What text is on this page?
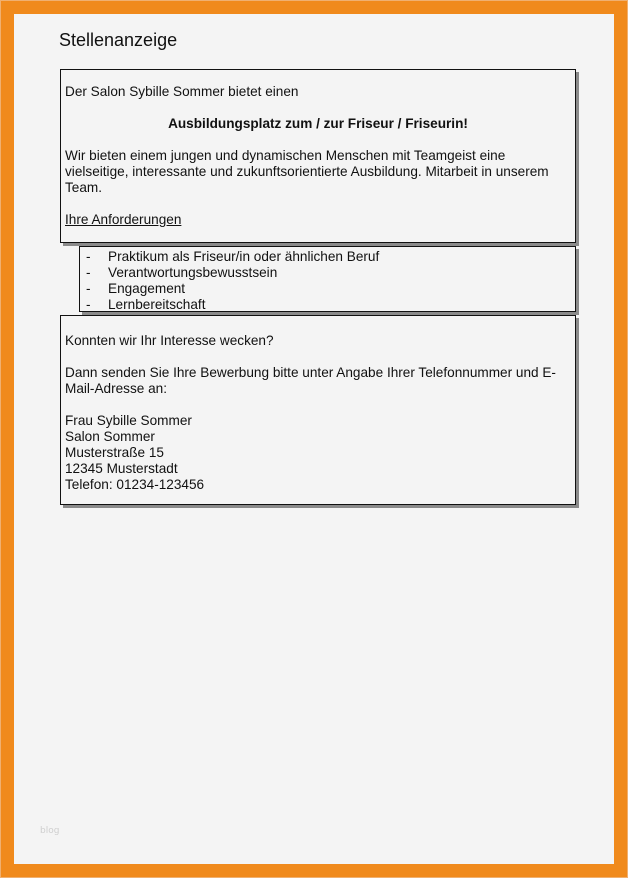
Stellenanzeige

Der Salon Sybille Sommer bietet einen

Ausbildungsplatz zum / zur Friseur / Friseurin!

Wir bieten einem jungen und dynamischen Menschen mit Teamgeist eine vielseitige, interessante und zukunftsorientierte Ausbildung. Mitarbeit in unserem Team.

Ihre Anforderungen

-	Praktikum als Friseur/in oder ähnlichen Beruf
-	Verantwortungsbewusstsein
-	Engagement
-	Lernbereitschaft

Konnten wir Ihr Interesse wecken?

Dann senden Sie Ihre Bewerbung bitte unter Angabe Ihrer Telefonnummer und E-Mail-Adresse an:

Frau Sybille Sommer

Salon Sommer

Musterstraße 15

12345 Musterstadt

Telefon: 01234-123456

blog
